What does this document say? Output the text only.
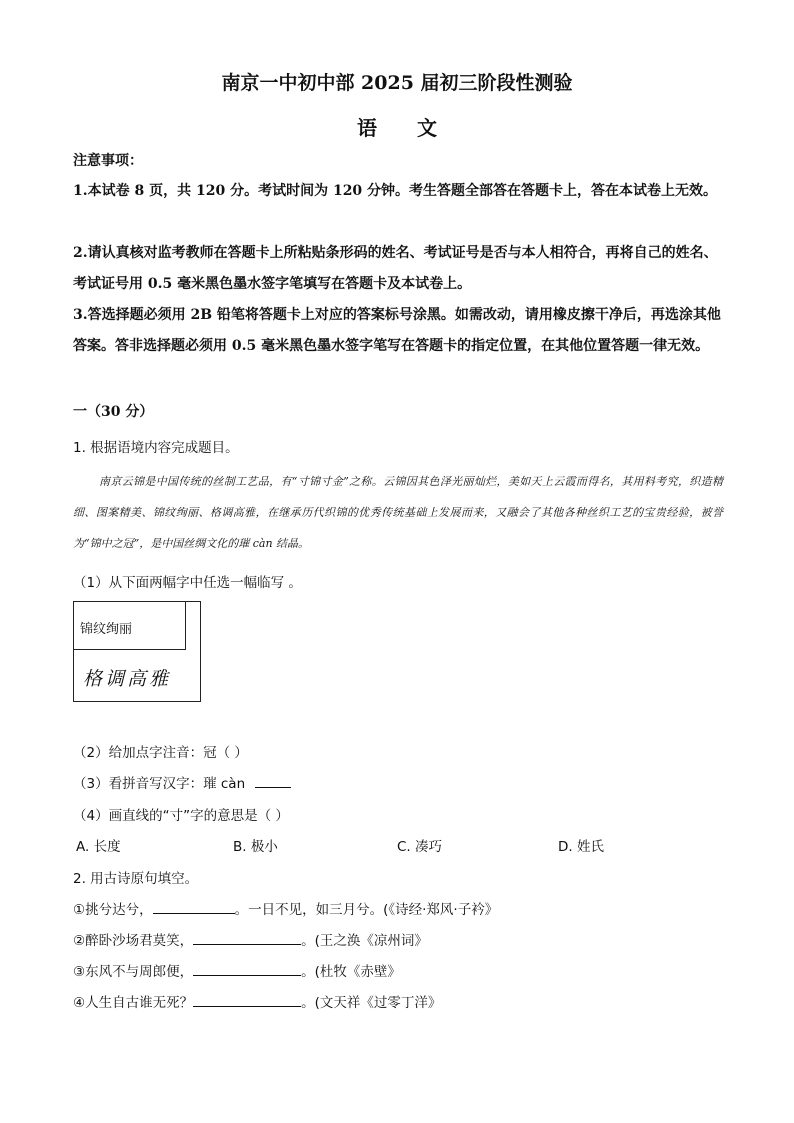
南京一中初中部 2025 届初三阶段性测验
语文
注意事项：
1.本试卷 8 页，共 120 分。考试时间为 120 分钟。考生答题全部答在答题卡上，答在本试卷上无效。
2.请认真核对监考教师在答题卡上所粘贴条形码的姓名、考试证号是否与本人相符合，再将自己的姓名、考试证号用 0.5 毫米黑色墨水签字笔填写在答题卡及本试卷上。
3.答选择题必须用 2B 铅笔将答题卡上对应的答案标号涂黑。如需改动，请用橡皮擦干净后，再选涂其他答案。答非选择题必须用 0.5 毫米黑色墨水签字笔写在答题卡的指定位置，在其他位置答题一律无效。
一（30 分）
1. 根据语境内容完成题目。

南京云锦是中国传统的丝制工艺品，有“寸锦寸金”之称。云锦因其色泽光丽灿烂，美如天上云霞而得名，其用料考究，织造精细、图案精美、锦纹绚丽、格调高雅，在继承历代织锦的优秀传统基础上发展而来，又融会了其他各种丝织工艺的宝贵经验，被誉为“锦中之冠”，是中国丝绸文化的璀 càn 结晶。

（1）从下面两幅字中任选一幅临写 。
锦纹绚丽
格调高雅
（2）给加点字注音：冠（ ）
（3）看拼音写汉字：璀 càn
（4）画直线的“寸”字的意思是（ ）
A. 长度	B. 极小	C. 凑巧	D. 姓氏
2. 用古诗原句填空。
①挑兮达兮，	。一日不见，如三月兮。(《诗经·郑风·子衿》
②醉卧沙场君莫笑，	。(王之涣《凉州词》
③东风不与周郎便，	。(杜牧《赤壁》
④人生自古谁无死？	。(文天祥《过零丁洋》
